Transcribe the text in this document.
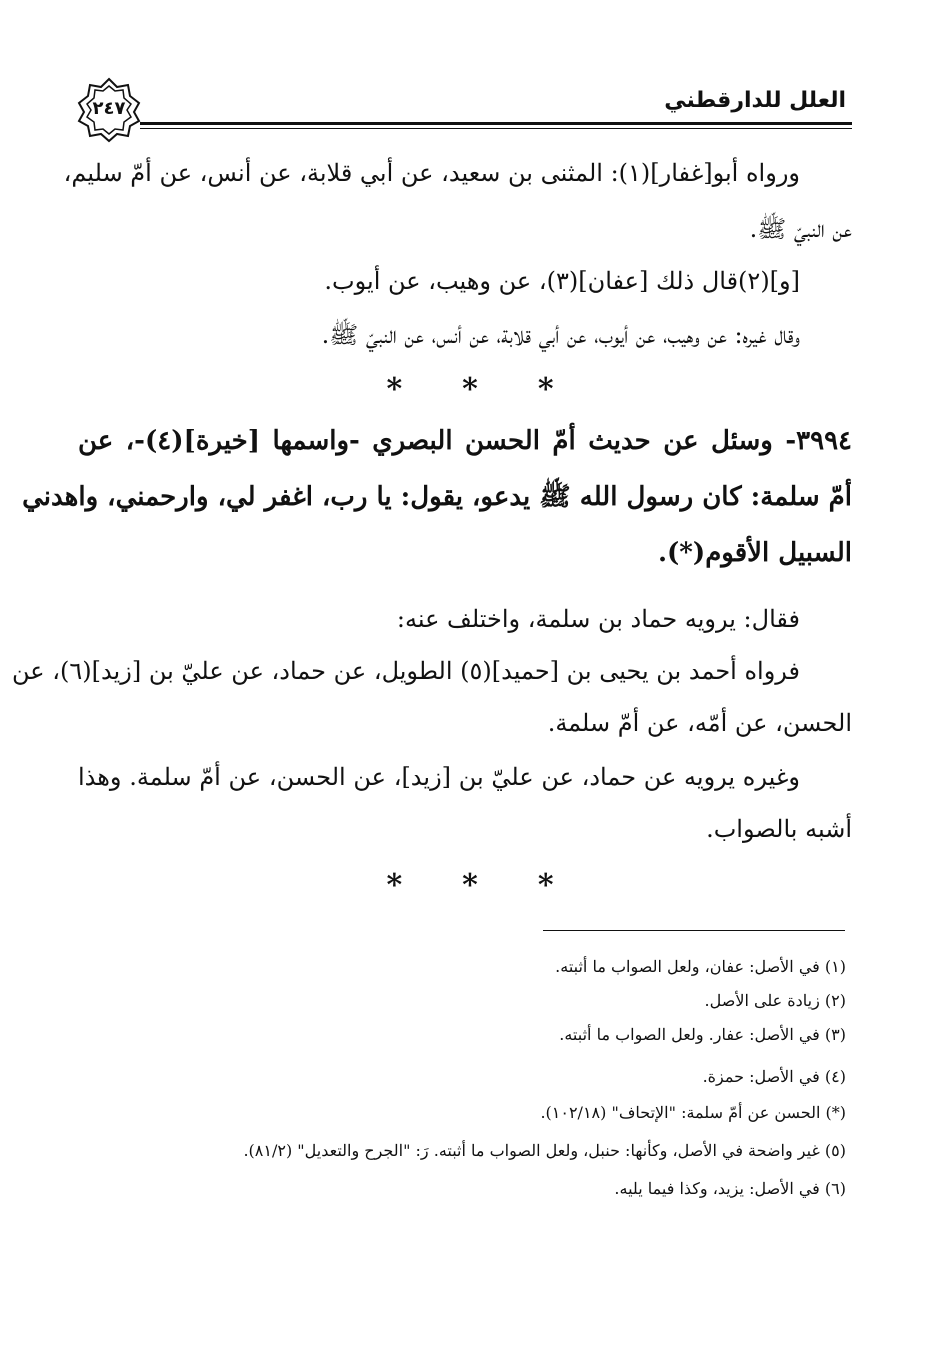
العلل للدارقطني
٢٤٧
ورواه أبو[غفار](١): المثنى بن سعيد، عن أبي قلابة، عن أنس، عن أمّ سليم،
عن النبيّ ﷺ.
[و](٢)قال ذلك [عفان](٣)، عن وهيب، عن أيوب.
وقال غيره: عن وهيب، عن أيوب، عن أبي قلابة، عن أنس، عن النبيّ ﷺ.
* * *
٣٩٩٤- وسئل عن حديث أمّ الحسن البصري -واسمها [خيرة](٤)-، عن
أمّ سلمة: كان رسول الله ﷺ يدعو، يقول: يا رب، اغفر لي، وارحمني، واهدني
السبيل الأقوم(*).
فقال: يرويه حماد بن سلمة، واختلف عنه:
فرواه أحمد بن يحيى بن [حميد](٥) الطويل، عن حماد، عن عليّ بن [زيد](٦)، عن
الحسن، عن أمّه، عن أمّ سلمة.
وغيره يرويه عن حماد، عن عليّ بن [زيد]، عن الحسن، عن أمّ سلمة. وهذا
أشبه بالصواب.
* * *
(١) في الأصل: عفان، ولعل الصواب ما أثبته.
(٢) زيادة على الأصل.
(٣) في الأصل: عفار. ولعل الصواب ما أثبته.
(٤) في الأصل: حمزة.
(*) الحسن عن أمّ سلمة: "الإتحاف" (١٠٢/١٨).
(٥) غير واضحة في الأصل، وكأنها: حنبل، ولعل الصواب ما أثبته. رَ: "الجرح والتعديل" (٨١/٢).
(٦) في الأصل: يزيد، وكذا فيما يليه.
